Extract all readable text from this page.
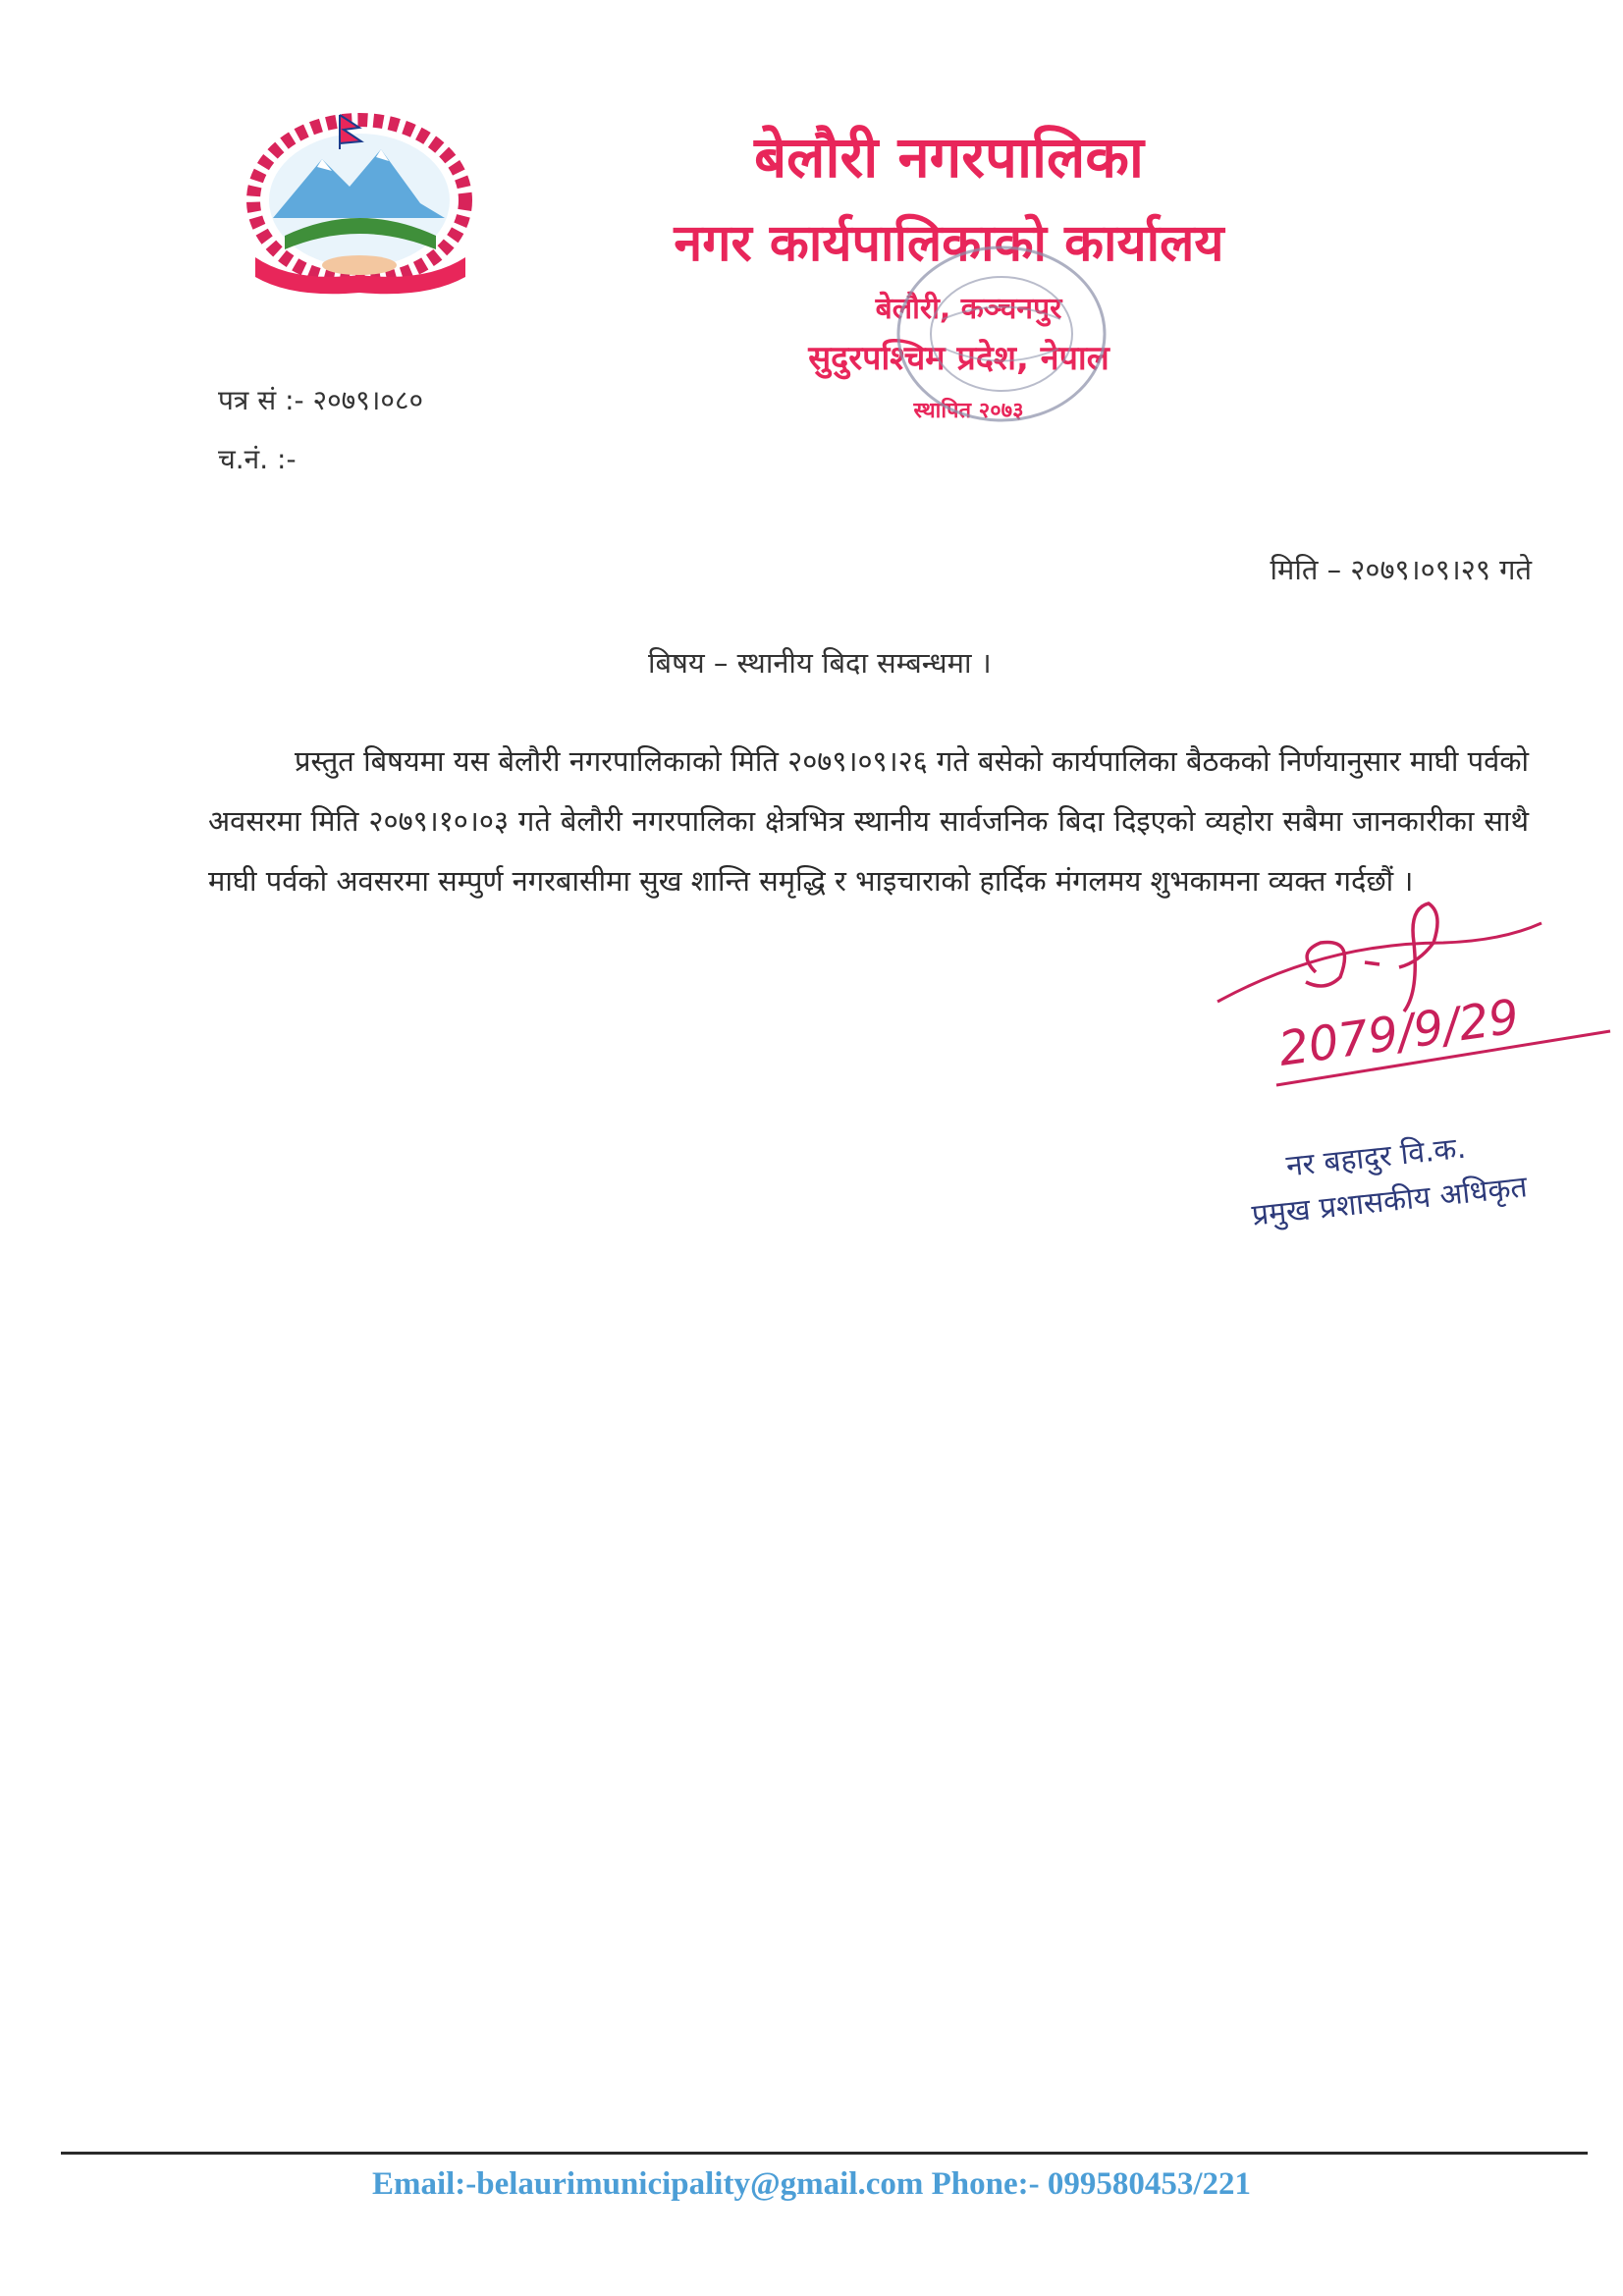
बेलौरी नगरपालिका
नगर कार्यपालिकाको कार्यालय
बेलौरी, कञ्चनपुर
सुदुरपश्चिम प्रदेश, नेपाल
स्थापित २०७३
पत्र सं :- २०७९।०८०
च.नं. :-
मिति – २०७९।०९।२९ गते
बिषय – स्थानीय बिदा सम्बन्धमा ।
प्रस्तुत बिषयमा यस बेलौरी नगरपालिकाको मिति २०७९।०९।२६ गते बसेको कार्यपालिका बैठकको निर्णयानुसार माघी पर्वको अवसरमा मिति २०७९।१०।०३ गते बेलौरी नगरपालिका क्षेत्रभित्र स्थानीय सार्वजनिक बिदा दिइएको व्यहोरा सबैमा जानकारीका साथै माघी पर्वको अवसरमा सम्पुर्ण नगरबासीमा सुख शान्ति समृद्धि र भाइचाराको हार्दिक मंगलमय शुभकामना व्यक्त गर्दछौं ।
2079/9/29
नर बहादुर वि.क.
प्रमुख प्रशासकीय अधिकृत
Email:-belaurimunicipality@gmail.com Phone:- 099580453/221
